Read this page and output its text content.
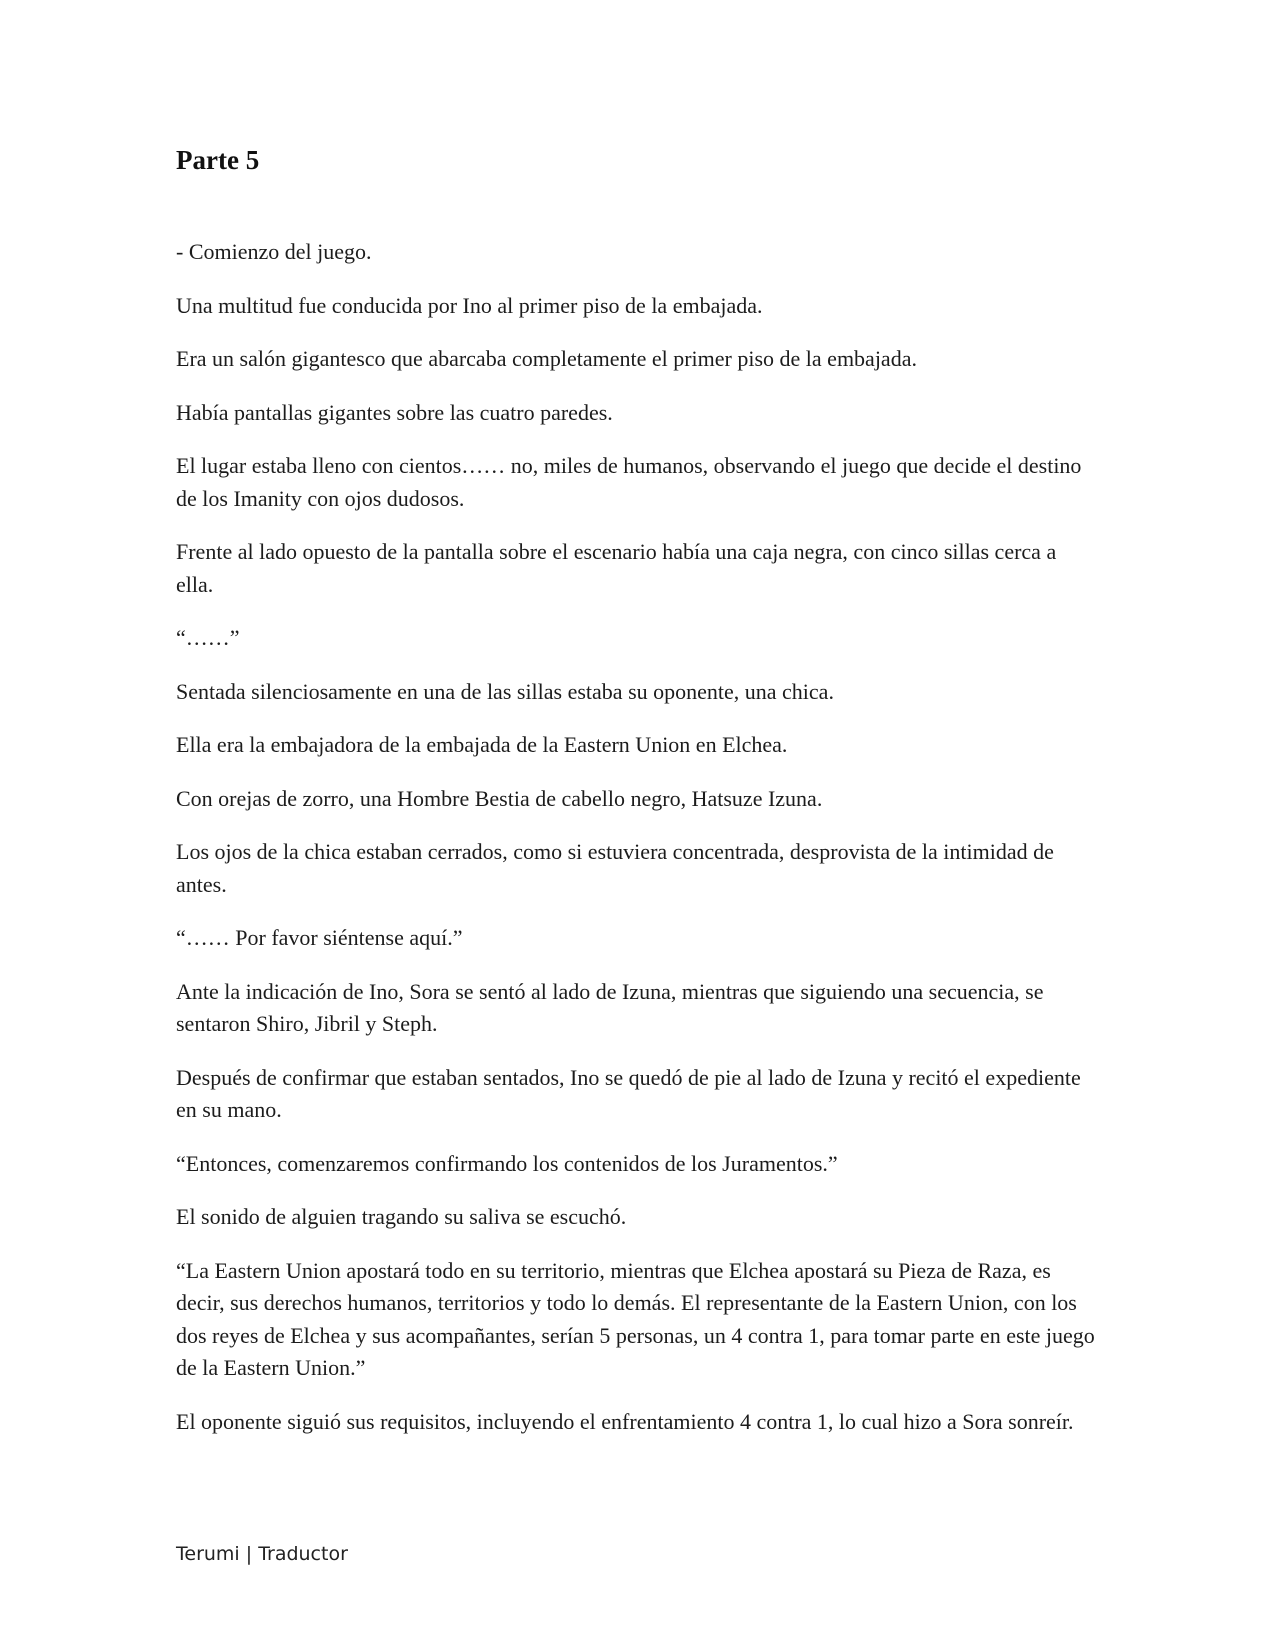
Parte 5

- Comienzo del juego.

Una multitud fue conducida por Ino al primer piso de la embajada.

Era un salón gigantesco que abarcaba completamente el primer piso de la embajada.

Había pantallas gigantes sobre las cuatro paredes.

El lugar estaba lleno con cientos…… no, miles de humanos, observando el juego que decide el destino de los Imanity con ojos dudosos.

Frente al lado opuesto de la pantalla sobre el escenario había una caja negra, con cinco sillas cerca a ella.

“……”

Sentada silenciosamente en una de las sillas estaba su oponente, una chica.

Ella era la embajadora de la embajada de la Eastern Union en Elchea.

Con orejas de zorro, una Hombre Bestia de cabello negro, Hatsuze Izuna.

Los ojos de la chica estaban cerrados, como si estuviera concentrada, desprovista de la intimidad de antes.

“…… Por favor siéntense aquí.”

Ante la indicación de Ino, Sora se sentó al lado de Izuna, mientras que siguiendo una secuencia, se sentaron Shiro, Jibril y Steph.

Después de confirmar que estaban sentados, Ino se quedó de pie al lado de Izuna y recitó el expediente en su mano.

“Entonces, comenzaremos confirmando los contenidos de los Juramentos.”

El sonido de alguien tragando su saliva se escuchó.

“La Eastern Union apostará todo en su territorio, mientras que Elchea apostará su Pieza de Raza, es decir, sus derechos humanos, territorios y todo lo demás. El representante de la Eastern Union, con los dos reyes de Elchea y sus acompañantes, serían 5 personas, un 4 contra 1, para tomar parte en este juego de la Eastern Union.”

El oponente siguió sus requisitos, incluyendo el enfrentamiento 4 contra 1, lo cual hizo a Sora sonreír.

Terumi | Traductor
